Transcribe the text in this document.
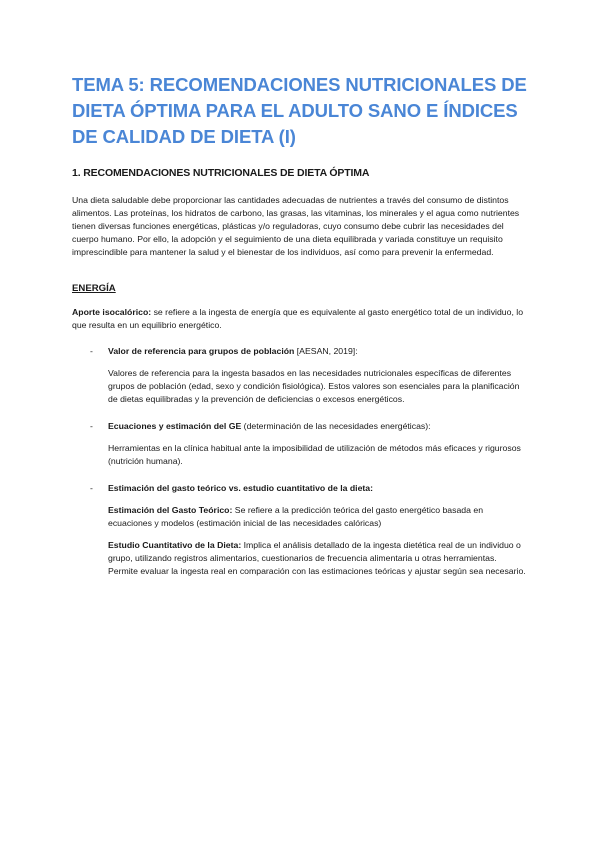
TEMA 5: RECOMENDACIONES NUTRICIONALES DE DIETA ÓPTIMA PARA EL ADULTO SANO E ÍNDICES DE CALIDAD DE DIETA (I)
1. RECOMENDACIONES NUTRICIONALES DE DIETA ÓPTIMA

Una dieta saludable debe proporcionar las cantidades adecuadas de nutrientes a través del consumo de distintos alimentos. Las proteínas, los hidratos de carbono, las grasas, las vitaminas, los minerales y el agua como nutrientes tienen diversas funciones energéticas, plásticas y/o reguladoras, cuyo consumo debe cubrir las necesidades del cuerpo humano. Por ello, la adopción y el seguimiento de una dieta equilibrada y variada constituye un requisito imprescindible para mantener la salud y el bienestar de los individuos, así como para prevenir la enfermedad.

ENERGÍA

Aporte isocalórico: se refiere a la ingesta de energía que es equivalente al gasto energético total de un individuo, lo que resulta en un equilibrio energético.

- Valor de referencia para grupos de población [AESAN, 2019]:
Valores de referencia para la ingesta basados en las necesidades nutricionales específicas de diferentes grupos de población (edad, sexo y condición fisiológica). Estos valores son esenciales para la planificación de dietas equilibradas y la prevención de deficiencias o excesos energéticos.
- Ecuaciones y estimación del GE (determinación de las necesidades energéticas):
Herramientas en la clínica habitual ante la imposibilidad de utilización de métodos más eficaces y rigurosos (nutrición humana).
- Estimación del gasto teórico vs. estudio cuantitativo de la dieta:
Estimación del Gasto Teórico: Se refiere a la predicción teórica del gasto energético basada en ecuaciones y modelos (estimación inicial de las necesidades calóricas)
Estudio Cuantitativo de la Dieta: Implica el análisis detallado de la ingesta dietética real de un individuo o grupo, utilizando registros alimentarios, cuestionarios de frecuencia alimentaria u otras herramientas. Permite evaluar la ingesta real en comparación con las estimaciones teóricas y ajustar según sea necesario.
